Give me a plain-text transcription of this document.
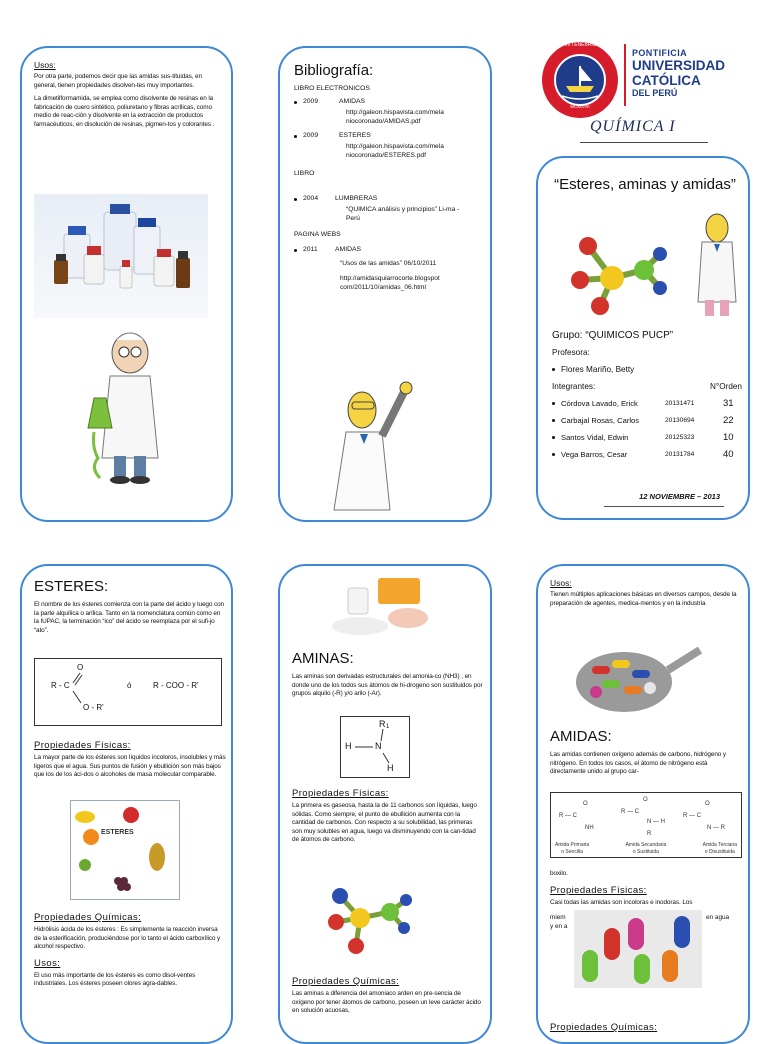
Usos:

Por otra parte, podemos decir que las amidas sus-tituidas, en general, tienen propiedades disolven-tes muy importantes.

La dimetilformamida, se emplea como disolvente de resinas en la fabricación de cuero sintético, poliuretano y fibras acrílicas, como medio de reac-ción y disolvente en la extracción de productos farmacéuticos, en disolución de resinas, pigmen-tos y colorantes .

Bibliografía:
LIBRO ELECTRONICOS
2009	AMIDAS
http://galeon.hispavista.com/mela niocoronado/AMIDAS.pdf
2009	ESTERES
http://galeon.hispavista.com/mela niocoronado/ESTERES.pdf
LIBRO
2004	LUMBRERAS
“QUIMICA análisis y principios” Li-ma -Perú
PAGINA WEBS
2011	AMIDAS
“Usos de las amidas” 06/10/2011
http://amidasquiarrocorte.blogspot com/2011/10/amidas_06.html
ET LUX IN TENEBRIS LUCET
MCMXVII
PONTIFICIA
UNIVERSIDAD
CATÓLICA
DEL PERÚ
QUÍMICA I
“Esteres, aminas y amidas”
Grupo: “QUIMICOS PUCP”
Profesora:
Flores Mariño, Betty
Integrantes:	N°Orden
Córdova Lavado, Erick	20131471	31
Carbajal Rosas, Carlos	20130694	22
Santos Vidal, Edwin	20125323	10
Vega Barros, Cesar	20131784	40
12 NOVIEMBRE – 2013
ESTERES:

El nombre de los ésteres comienza con la parte del ácido y luego con la parte alquílica o arílica. Tanto en la nomenclatura común como en la IUPAC, la terminación “ico” del ácido se reemplaza por el sufi-jo “ato”.

O
R - C
O - R'
ó	R - COO - R'
Propiedades Físicas:

La mayor parte de los ésteres son líquidos incoloros, insolubles y más ligeros que el agua. Sus puntos de fusión y ebullición son más bajos que los de los áci-dos o alcoholes de masa molecular comparable.

ESTERES
Propiedades Químicas:

Hidrólisis ácida de los ésteres : Es simplemente la reacción inversa de la esterificación, produciéndose por lo tanto el ácido carboxílico y alcohol respectivo.

Usos:

El uso más importante de los ésteres es como disol-ventes industriales. Los ésteres poseen olores agra-dables.

AMINAS:

Las aminas son derivadas estructurales del amonia-co (NH3) , en donde uno de los todos sus átomos de hi-drogeno son sustituidos por grupos alquilo (-R) y/o arilo (-Ar).

R 1
H	N
H
Propiedades Físicas:

La primera es gaseosa, hasta la de 11 carbonos son líquidas, luego sólidas. Como siempre, el punto de ebullición aumenta con la cantidad de carbonos. Con respecto a su solubilidad, las primeras son muy solubles en agua, luego va disminuyendo con la can-tidad de átomos de carbono.

Propiedades Químicas:

Las aminas a diferencia del amoniaco arden en pre-sencia de oxígeno por tener átomos de carbono, poseen un leve carácter ácido en solución acuosas,

Usos:

Tienen múltiples aplicaciones básicas en diversos campos, desde la preparación de agentes, medica-mentos y en la industria

AMIDAS:

Las amidas contienen oxígeno además de carbono, hidrógeno y nitrógeno. En todos los casos, el átomo de nitrógeno está directamente unido al grupo car-

O
R — C
NH
O
R — C
N — H
R
O
R — C
N — R
Amida Primaria
o Sencilla
Amida Secundaria
o Sustituida
Amida Terciaria
o Disustituida

boxilo.

Propiedades Físicas:

Casi todas las amidas son incoloras e inodoras. Los

miem	en agua
y en a
Propiedades Químicas:
